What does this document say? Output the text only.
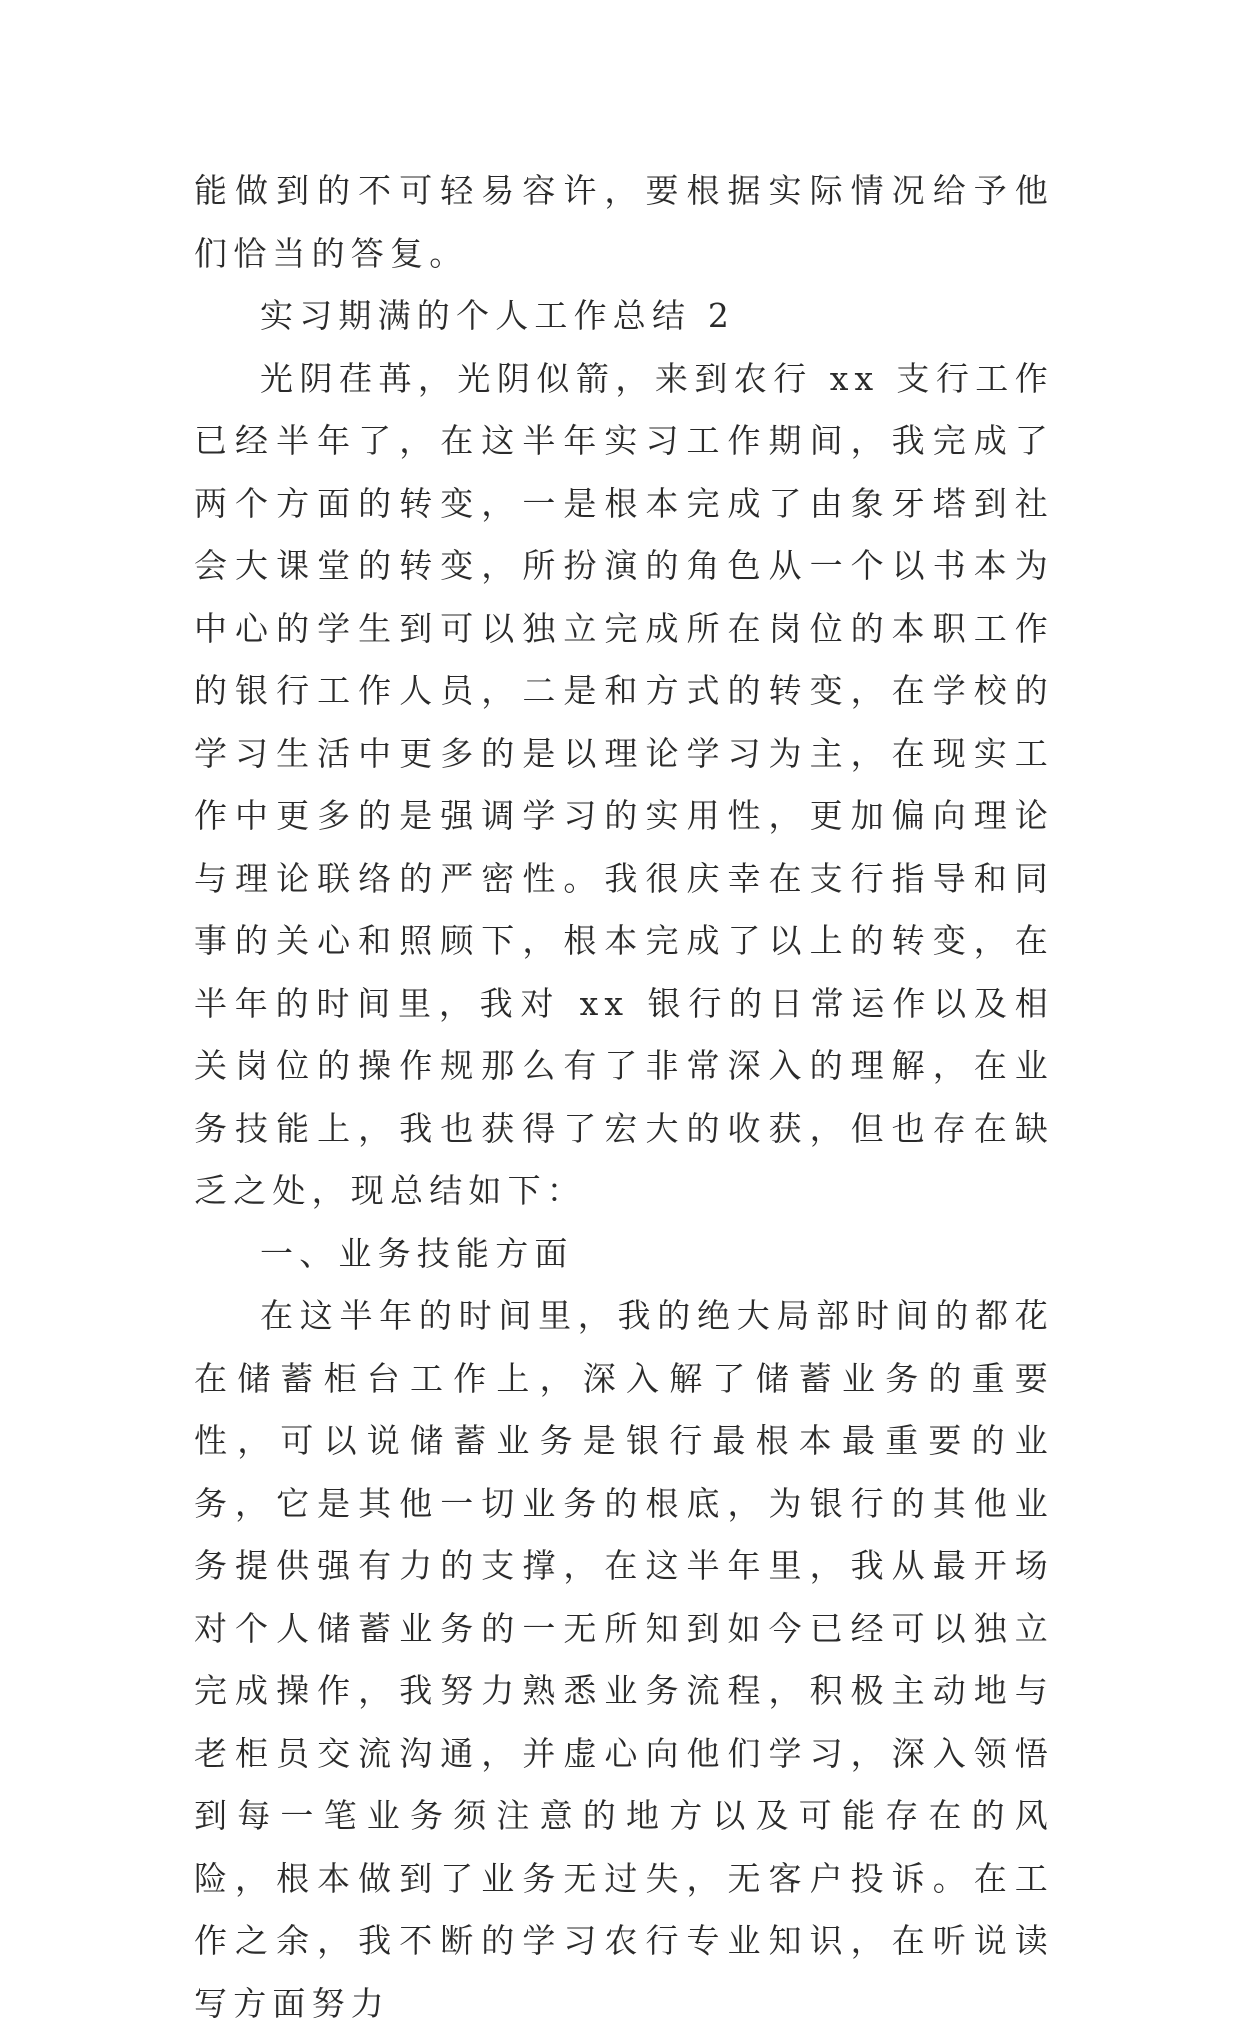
能做到的不可轻易容许，要根据实际情况给予他们恰当的答复。

实习期满的个人工作总结 2

光阴荏苒，光阴似箭，来到农行 xx 支行工作已经半年了，在这半年实习工作期间，我完成了两个方面的转变，一是根本完成了由象牙塔到社会大课堂的转变，所扮演的角色从一个以书本为中心的学生到可以独立完成所在岗位的本职工作的银行工作人员，二是和方式的转变，在学校的学习生活中更多的是以理论学习为主，在现实工作中更多的是强调学习的实用性，更加偏向理论与理论联络的严密性。我很庆幸在支行指导和同事的关心和照顾下，根本完成了以上的转变，在半年的时间里，我对 xx 银行的日常运作以及相关岗位的操作规那么有了非常深入的理解，在业务技能上，我也获得了宏大的收获，但也存在缺乏之处，现总结如下：

一、业务技能方面

在这半年的时间里，我的绝大局部时间的都花在储蓄柜台工作上，深入解了储蓄业务的重要性，可以说储蓄业务是银行最根本最重要的业务，它是其他一切业务的根底，为银行的其他业务提供强有力的支撑，在这半年里，我从最开场对个人储蓄业务的一无所知到如今已经可以独立完成操作，我努力熟悉业务流程，积极主动地与老柜员交流沟通，并虚心向他们学习，深入领悟到每一笔业务须注意的地方以及可能存在的风险，根本做到了业务无过失，无客户投诉。在工作之余，我不断的学习农行专业知识，在听说读写方面努力
